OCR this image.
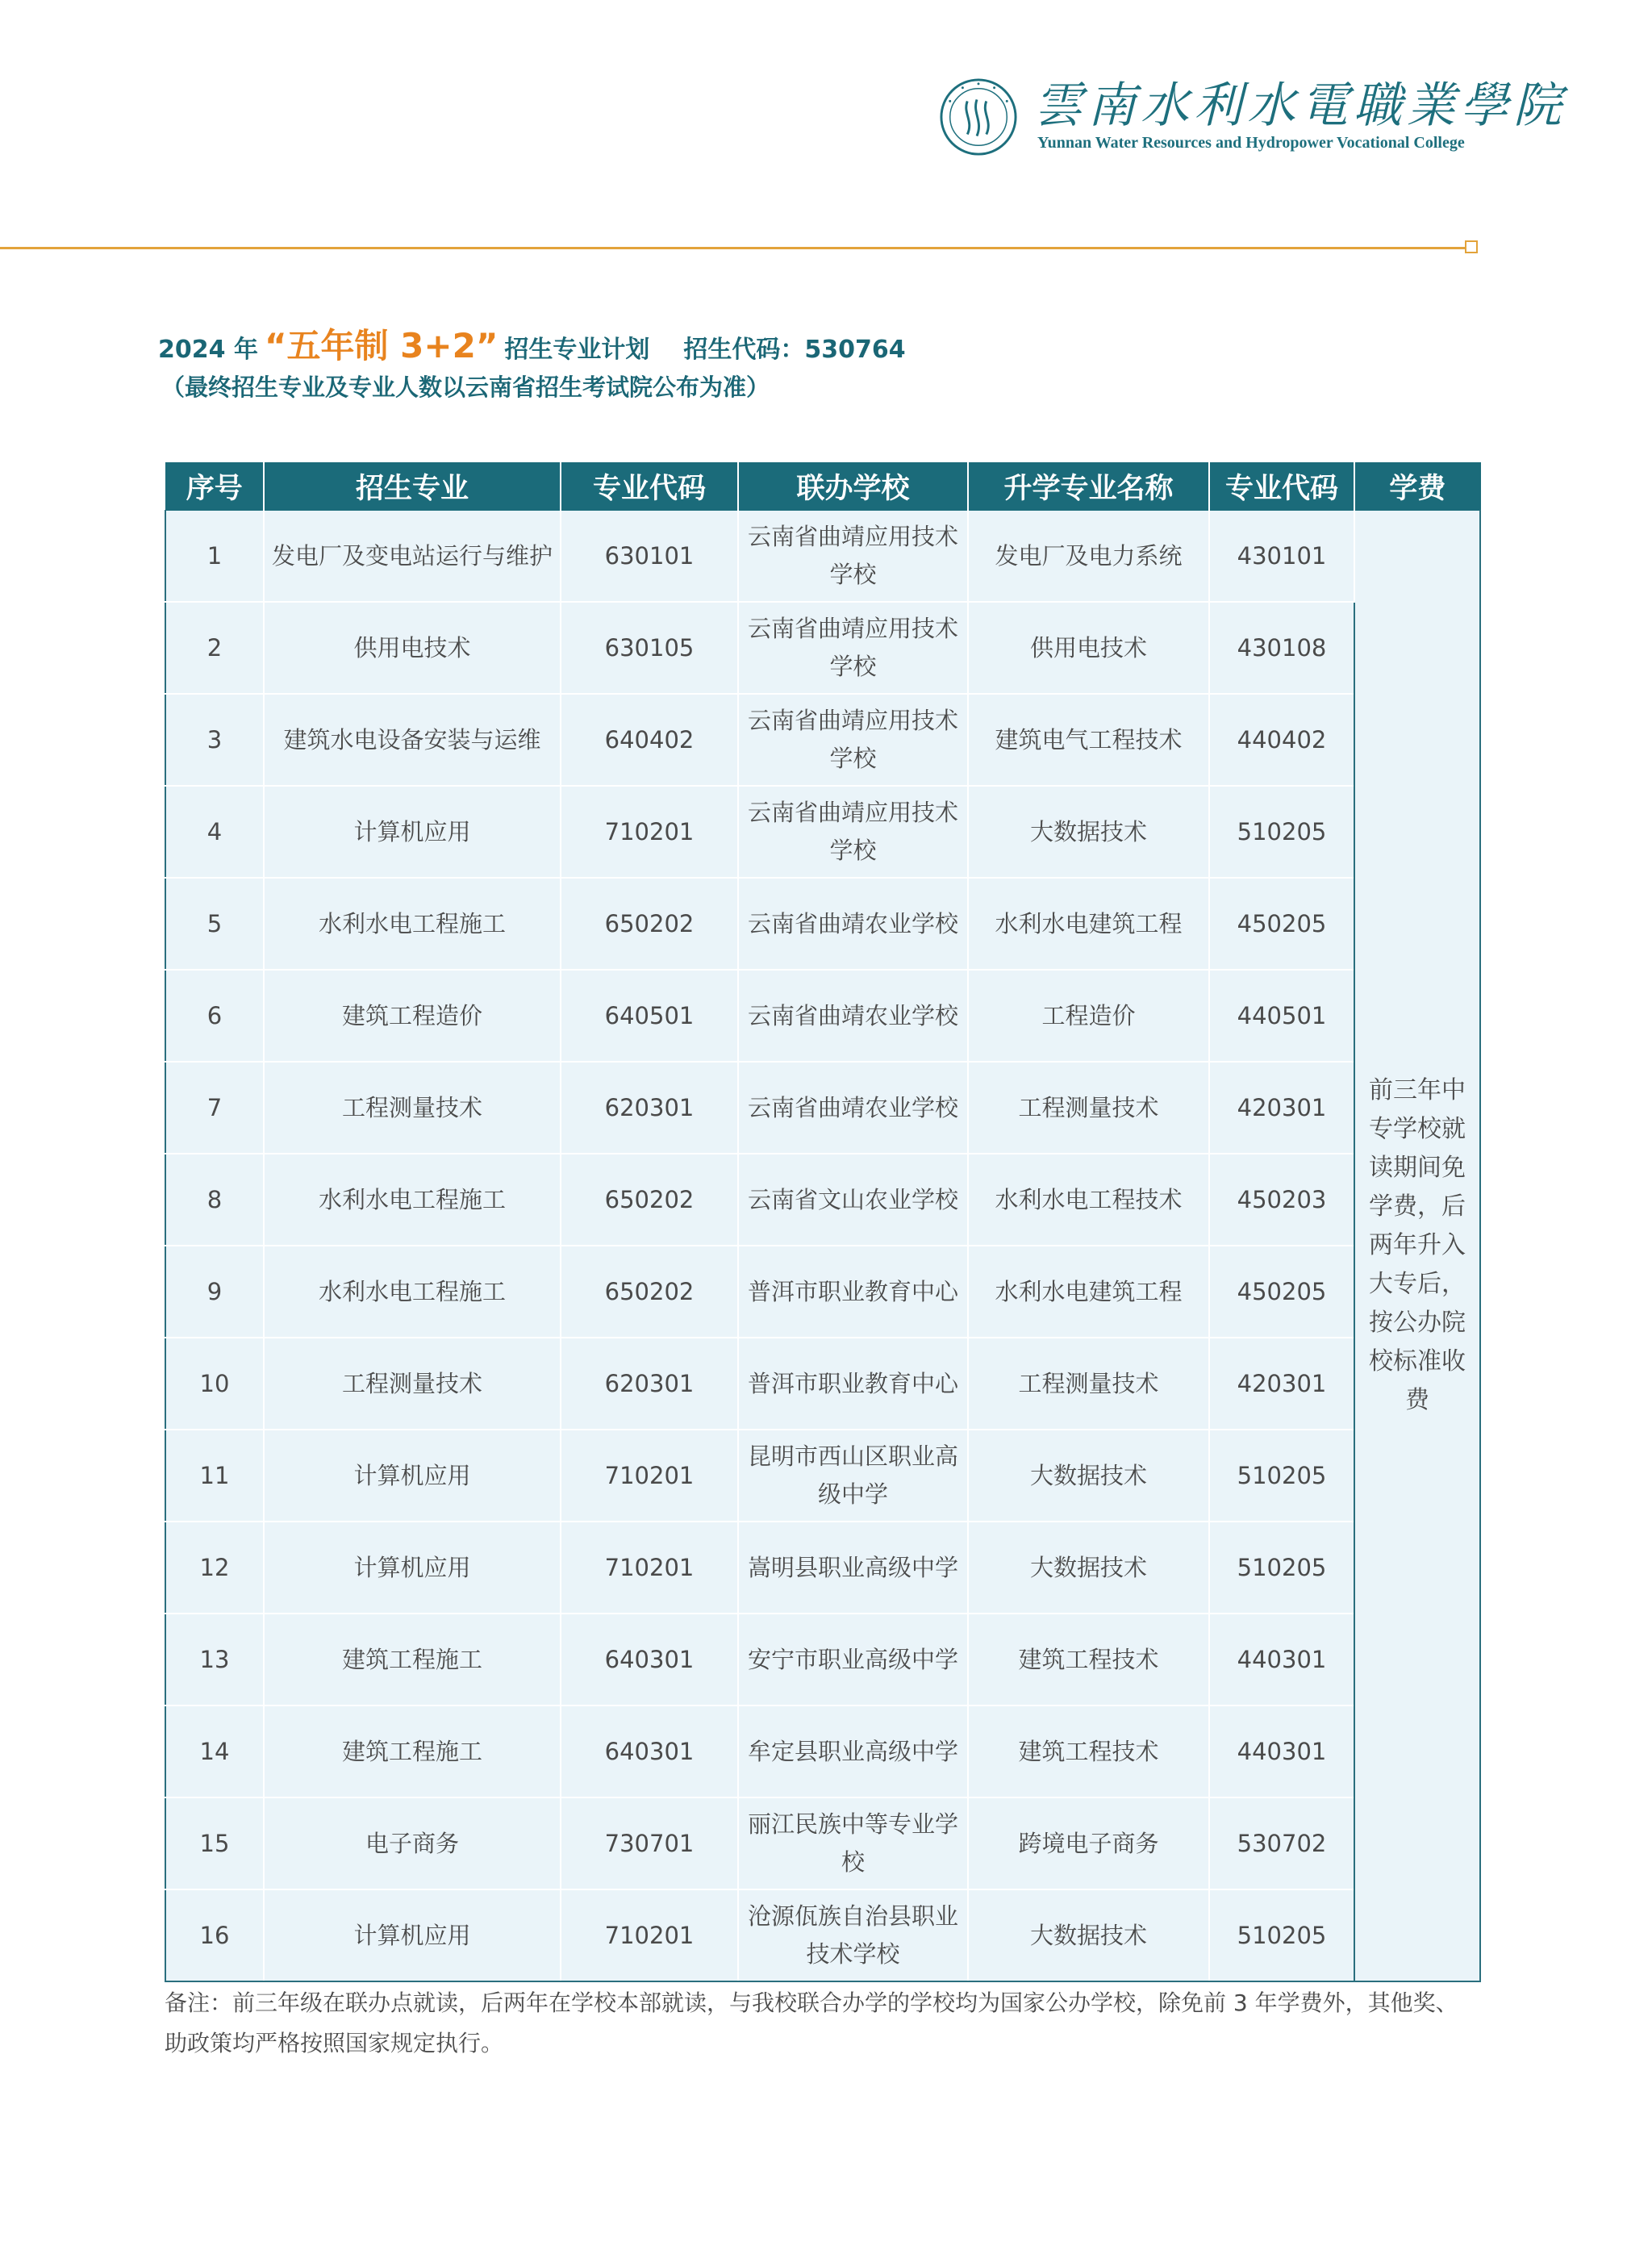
雲南水利水電職業學院
Yunnan Water Resources and Hydropower Vocational College
2024 年 “五年制 3+2” 招生专业计划 招生代码：530764
（最终招生专业及专业人数以云南省招生考试院公布为准）
序号	招生专业	专业代码	联办学校	升学专业名称	专业代码	学费
1	发电厂及变电站运行与维护	630101	云南省曲靖应用技术学校	发电厂及电力系统	430101	前三年中专学校就读期间免学费，后两年升入大专后，按公办院校标准收费
2	供用电技术	630105	云南省曲靖应用技术学校	供用电技术	430108	
3	建筑水电设备安装与运维	640402	云南省曲靖应用技术学校	建筑电气工程技术	440402	
4	计算机应用	710201	云南省曲靖应用技术学校	大数据技术	510205	
5	水利水电工程施工	650202	云南省曲靖农业学校	水利水电建筑工程	450205	
6	建筑工程造价	640501	云南省曲靖农业学校	工程造价	440501	
7	工程测量技术	620301	云南省曲靖农业学校	工程测量技术	420301	
8	水利水电工程施工	650202	云南省文山农业学校	水利水电工程技术	450203	
9	水利水电工程施工	650202	普洱市职业教育中心	水利水电建筑工程	450205	
10	工程测量技术	620301	普洱市职业教育中心	工程测量技术	420301	
11	计算机应用	710201	昆明市西山区职业高级中学	大数据技术	510205	
12	计算机应用	710201	嵩明县职业高级中学	大数据技术	510205	
13	建筑工程施工	640301	安宁市职业高级中学	建筑工程技术	440301	
14	建筑工程施工	640301	牟定县职业高级中学	建筑工程技术	440301	
15	电子商务	730701	丽江民族中等专业学校	跨境电子商务	530702	
16	计算机应用	710201	沧源佤族自治县职业技术学校	大数据技术	510205	
备注：前三年级在联办点就读，后两年在学校本部就读，与我校联合办学的学校均为国家公办学校，除免前 3 年学费外，其他奖、助政策均严格按照国家规定执行。
